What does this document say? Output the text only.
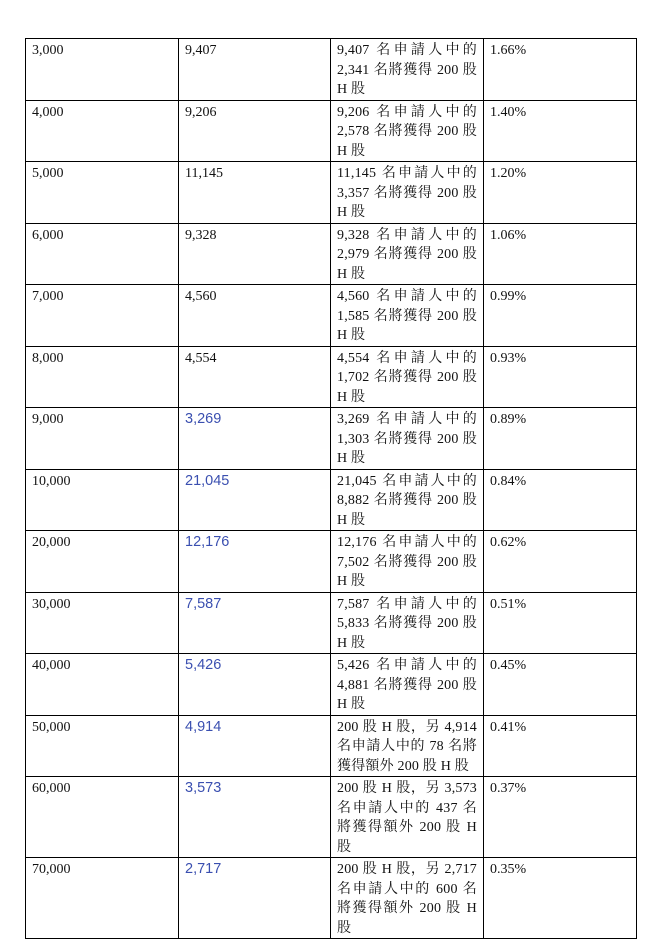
3,000	9,407	9,407 名申請人中的 2,341 名將獲得 200 股 H 股	1.66%
4,000	9,206	9,206 名申請人中的 2,578 名將獲得 200 股 H 股	1.40%
5,000	11,145	11,145 名申請人中的 3,357 名將獲得 200 股 H 股	1.20%
6,000	9,328	9,328 名申請人中的 2,979 名將獲得 200 股 H 股	1.06%
7,000	4,560	4,560 名申請人中的 1,585 名將獲得 200 股 H 股	0.99%
8,000	4,554	4,554 名申請人中的 1,702 名將獲得 200 股 H 股	0.93%
9,000	3,269	3,269 名申請人中的 1,303 名將獲得 200 股 H 股	0.89%
10,000	21,045	21,045 名申請人中的 8,882 名將獲得 200 股 H 股	0.84%
20,000	12,176	12,176 名申請人中的 7,502 名將獲得 200 股 H 股	0.62%
30,000	7,587	7,587 名申請人中的 5,833 名將獲得 200 股 H 股	0.51%
40,000	5,426	5,426 名申請人中的 4,881 名將獲得 200 股 H 股	0.45%
50,000	4,914	200 股 H 股，另 4,914 名申請人中的 78 名將獲得額外 200 股 H 股	0.41%
60,000	3,573	200 股 H 股，另 3,573 名申請人中的 437 名將獲得額外 200 股 H 股	0.37%
70,000	2,717	200 股 H 股，另 2,717 名申請人中的 600 名將獲得額外 200 股 H 股	0.35%
